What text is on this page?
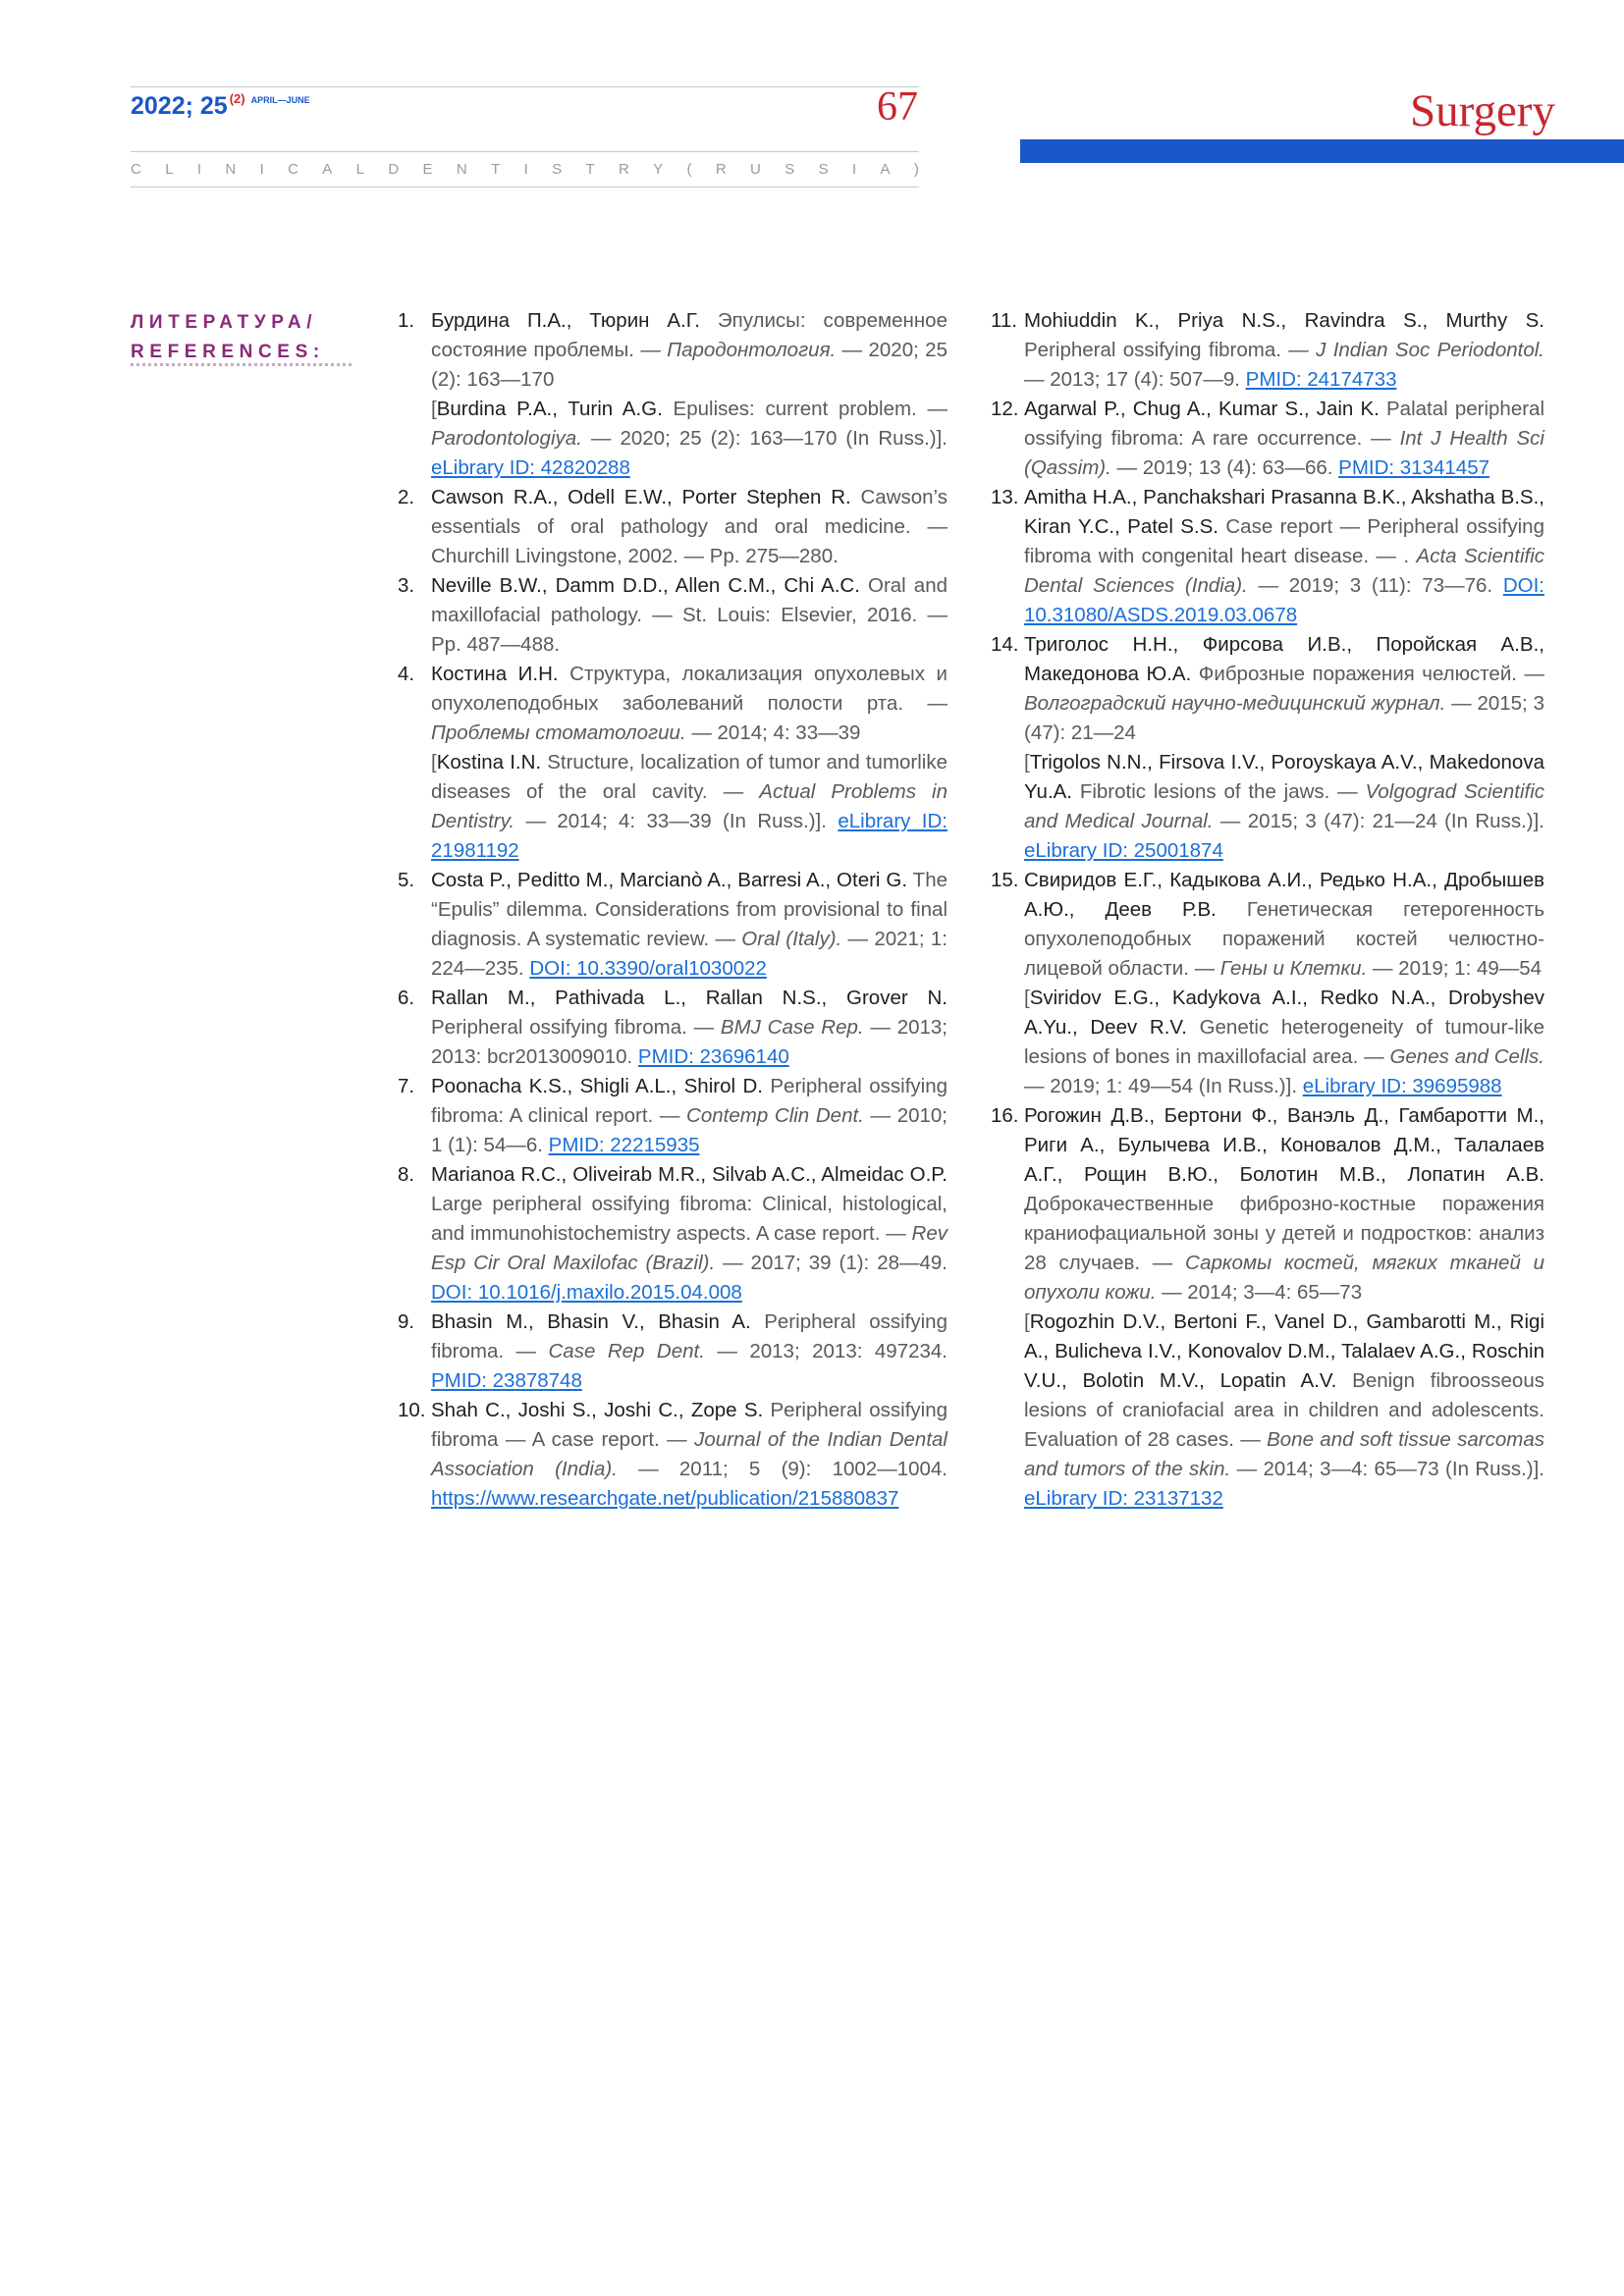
2022; 25 $^{(2)}$ $^{APRIL—JUNE}$	67
C L I N I C A L D E N T I S T R Y ( R U S S I A )
Surgery
ЛИТЕРАТУРА/
REFERENCES:
1. Бурдина П.А., Тюрин А.Г. Эпулисы: современное состояние проблемы. — Пародонтология. — 2020; 25 (2): 163—170
[Burdina P.A., Turin A.G. Epulises: current problem. — Parodontologiya. — 2020; 25 (2): 163—170 (In Russ.)]. eLibrary ID: 42820288
2. Cawson R.A., Odell E.W., Porter Stephen R. Cawson’s essentials of oral pathology and oral medicine. — Churchill Livingstone, 2002. — Pp. 275—280.
3. Neville B.W., Damm D.D., Allen C.M., Chi A.C. Oral and maxillofacial pathology. — St. Louis: Elsevier, 2016. — Pp. 487—488.
4. Костина И.Н. Структура, локализация опухолевых и опухолеподобных заболеваний полости рта. — Проблемы стоматологии. — 2014; 4: 33—39
[Kostina I.N. Structure, localization of tumor and tumorlike diseases of the oral cavity. — Actual Problems in Dentistry. — 2014; 4: 33—39 (In Russ.)]. eLibrary ID: 21981192
5. Costa P., Peditto M., Marcianò A., Barresi A., Oteri G. The “Epulis” dilemma. Considerations from provisional to final diagnosis. A systematic review. — Oral (Italy). — 2021; 1: 224—235. DOI: 10.3390/oral1030022
6. Rallan M., Pathivada L., Rallan N.S., Grover N. Peripheral ossifying fibroma. — BMJ Case Rep. — 2013; 2013: bcr2013009010. PMID: 23696140
7. Poonacha K.S., Shigli A.L., Shirol D. Peripheral ossifying fibroma: A clinical report. — Contemp Clin Dent. — 2010; 1 (1): 54—6. PMID: 22215935
8. Marianoa R.C., Oliveirab M.R., Silvab A.C., Almeidac O.P. Large peripheral ossifying fibroma: Clinical, histological, and immunohistochemistry aspects. A case report. — Rev Esp Cir Oral Maxilofac (Brazil). — 2017; 39 (1): 28—49. DOI: 10.1016/j.maxilo.2015.04.008
9. Bhasin M., Bhasin V., Bhasin A. Peripheral ossifying fibroma. — Case Rep Dent. — 2013; 2013: 497234. PMID: 23878748
10. Shah C., Joshi S., Joshi C., Zope S. Peripheral ossifying fibroma — A case report. — Journal of the Indian Dental Association (India). — 2011; 5 (9): 1002—1004. https://www.researchgate.net/publication/215880837
11. Mohiuddin K., Priya N.S., Ravindra S., Murthy S. Peripheral ossifying fibroma. — J Indian Soc Periodontol. — 2013; 17 (4): 507—9. PMID: 24174733
12. Agarwal P., Chug A., Kumar S., Jain K. Palatal peripheral ossifying fibroma: A rare occurrence. — Int J Health Sci (Qassim). — 2019; 13 (4): 63—66. PMID: 31341457
13. Amitha H.A., Panchakshari Prasanna B.K., Akshatha B.S., Kiran Y.C., Patel S.S. Case report — Peripheral ossifying fibroma with congenital heart disease. — . Acta Scientific Dental Sciences (India). — 2019; 3 (11): 73—76. DOI: 10.31080/ASDS.2019.03.0678
14. Триголос Н.Н., Фирсова И.В., Поройская А.В., Македонова Ю.А. Фиброзные поражения челюстей. — Волгоградский научно-медицинский журнал. — 2015; 3 (47): 21—24
[Trigolos N.N., Firsova I.V., Poroyskaya A.V., Makedonova Yu.A. Fibrotic lesions of the jaws. — Volgograd Scientific and Medical Journal. — 2015; 3 (47): 21—24 (In Russ.)]. eLibrary ID: 25001874
15. Свиридов Е.Г., Кадыкова А.И., Редько Н.А., Дробышев А.Ю., Деев Р.В. Генетическая гетерогенность опухолеподобных поражений костей челюстно-лицевой области. — Гены и Клетки. — 2019; 1: 49—54
[Sviridov E.G., Kadykova A.I., Redko N.A., Drobyshev A.Yu., Deev R.V. Genetic heterogeneity of tumour-like lesions of bones in maxillofacial area. — Genes and Cells. — 2019; 1: 49—54 (In Russ.)]. eLibrary ID: 39695988
16. Рогожин Д.В., Бертони Ф., Ванэль Д., Гамбаротти М., Риги А., Булычева И.В., Коновалов Д.М., Талалаев А.Г., Рощин В.Ю., Болотин М.В., Лопатин А.В. Доброкачественные фиброзно-костные поражения краниофациальной зоны у детей и подростков: анализ 28 случаев. — Саркомы костей, мягких тканей и опухоли кожи. — 2014; 3—4: 65—73
[Rogozhin D.V., Bertoni F., Vanel D., Gambarotti M., Rigi A., Bulicheva I.V., Konovalov D.M., Talalaev A.G., Roschin V.U., Bolotin M.V., Lopatin A.V. Benign fibroosseous lesions of craniofacial area in children and adolescents. Evaluation of 28 cases. — Bone and soft tissue sarcomas and tumors of the skin. — 2014; 3—4: 65—73 (In Russ.)]. eLibrary ID: 23137132
